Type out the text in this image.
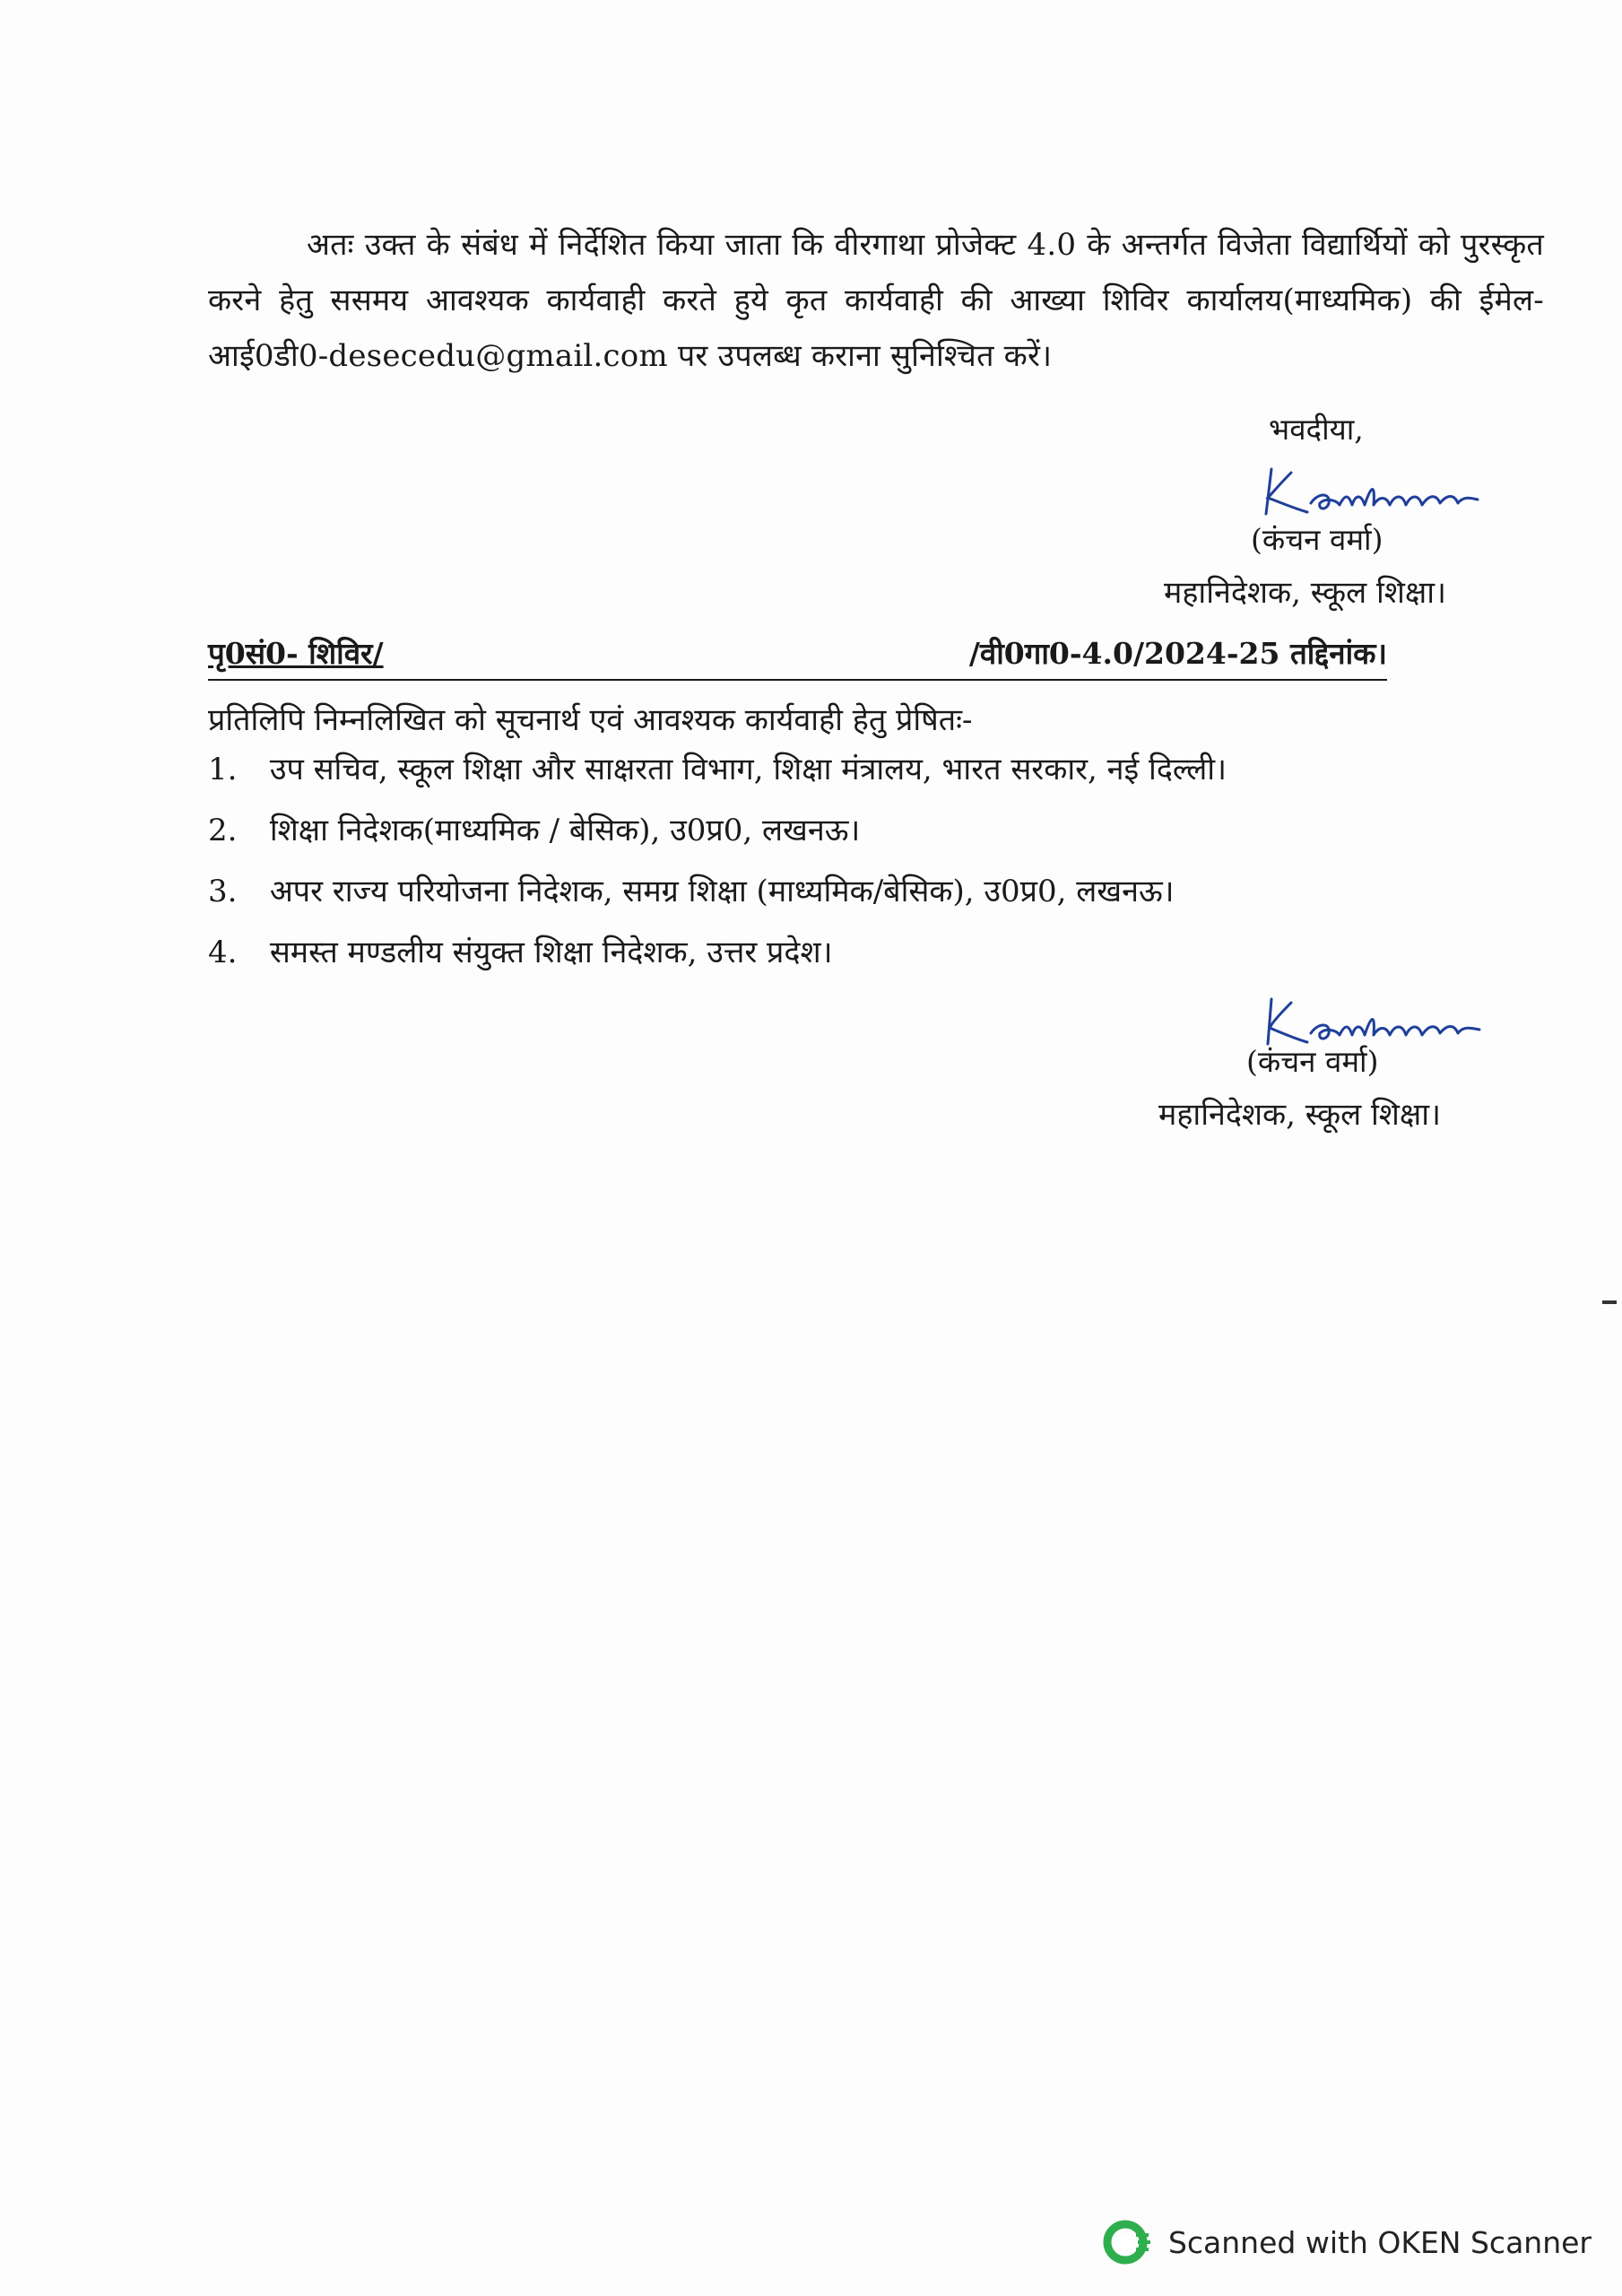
अतः उक्त के संबंध में निर्देशित किया जाता कि वीरगाथा प्रोजेक्ट 4.0 के अन्तर्गत विजेता विद्यार्थियों को पुरस्कृत करने हेतु ससमय आवश्यक कार्यवाही करते हुये कृत कार्यवाही की आख्या शिविर कार्यालय(माध्यमिक) की ईमेल-आई0डी0-desecedu@gmail.com पर उपलब्ध कराना सुनिश्चित करें।

भवदीया,
(कंचन वर्मा)
महानिदेशक, स्कूल शिक्षा।
पृ0सं0- शिविर/	/वी0गा0-4.0/2024-25 तद्दिनांक।
प्रतिलिपि निम्नलिखित को सूचनार्थ एवं आवश्यक कार्यवाही हेतु प्रेषितः-
1. उप सचिव, स्कूल शिक्षा और साक्षरता विभाग, शिक्षा मंत्रालय, भारत सरकार, नई दिल्ली।
2. शिक्षा निदेशक(माध्यमिक / बेसिक), उ0प्र0, लखनऊ।
3. अपर राज्य परियोजना निदेशक, समग्र शिक्षा (माध्यमिक/बेसिक), उ0प्र0, लखनऊ।
4. समस्त मण्डलीय संयुक्त शिक्षा निदेशक, उत्तर प्रदेश।
(कंचन वर्मा)
महानिदेशक, स्कूल शिक्षा।
Scanned with OKEN Scanner
